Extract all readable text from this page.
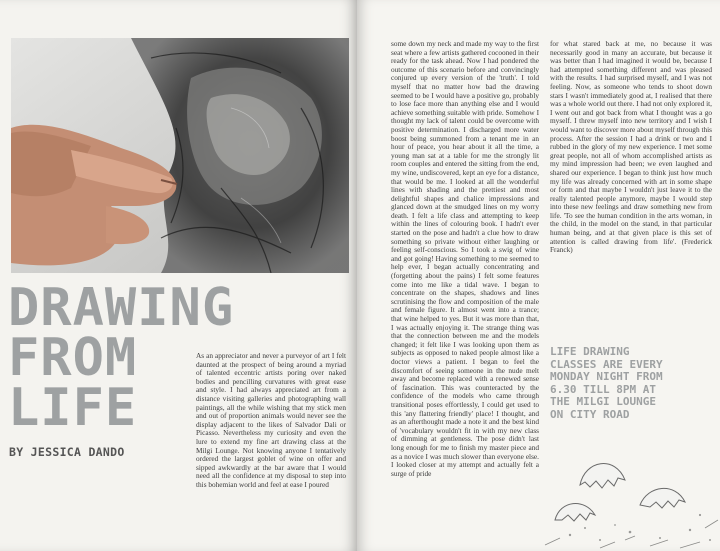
DRAWING
FROM
LIFE
BY JESSICA DANDO

As an appreciator and never a purveyor of art I felt daunted at the prospect of being around a myriad of talented eccentric artists poring over naked bodies and pencilling curvatures with great ease and style. I had always appreciated art from a distance visiting galleries and photographing wall paintings, all the while wishing that my stick men and out of proportion animals would never see the display adjacent to the likes of Salvador Dali or Picasso. Nevertheless my curiosity and even the lure to extend my fine art drawing class at the Milgi Lounge. Not knowing anyone I tentatively ordered the largest goblet of wine on offer and sipped awkwardly at the bar aware that I would need all the confidence at my disposal to step into this bohemian world and feel at ease I poured

some down my neck and made my way to the first seat where a few artists gathered cocooned in their ready for the task ahead. Now I had pondered the outcome of this scenario before and convincingly conjured up every version of the 'truth'. I told myself that no matter how bad the drawing seemed to be I would have a positive go, probably to lose face more than anything else and I would achieve something suitable with pride. Somehow I thought my lack of talent could be overcome with positive determination. I discharged more water boost being summoned from a tenant me in an hour of peace, you hear about it all the time, a young man sat at a table for me the strongly lit room couples and entered the sitting from the end, my wine, undiscovered, kept an eye for a distance, that would be me. I looked at all the wonderful lines with shading and the prettiest and most delightful shapes and chalice impressions and glanced down at the smudged lines on my worry death. I felt a life class and attempting to keep within the lines of colouring book. I hadn't ever started on the pose and hadn't a clue how to draw something so private without either laughing or feeling self-conscious. So I took a swig of wine and got going! Having something to me seemed to help ever, I began actually concentrating and (forgetting about the pains) I felt some features come into me like a tidal wave. I began to concentrate on the shapes, shadows and lines scrutinising the flow and composition of the male and female figure. It almost went into a trance; that wine helped to yes. But it was more than that, I was actually enjoying it. The strange thing was that the connection between me and the models changed; it felt like I was looking upon them as subjects as opposed to naked people almost like a doctor views a patient. I began to feel the discomfort of seeing someone in the nude melt away and become replaced with a renewed sense of fascination. This was counteracted by the confidence of the models who came through transitional poses effortlessly, I could get used to this 'any flattering friendly' place! I thought, and as an afterthought made a note it and the best kind of 'vocabulary wouldn't fit in with my new class of dimming at gentleness. The pose didn't last long enough for me to finish my master piece and as a novice I was much slower than everyone else. I looked closer at my attempt and actually felt a surge of pride

for what stared back at me, no because it was necessarily good in many an accurate, but because it was better than I had imagined it would be, because I had attempted something different and was pleased with the results. I had surprised myself, and I was not feeling. Now, as someone who tends to shoot down stars I wasn't immediately good at, I realised that there was a whole world out there. I had not only explored it, I went out and got back from what I thought was a go myself. I threw myself into new territory and I wish I would want to discover more about myself through this process. After the session I had a drink or two and I rubbed in the glory of my new experience. I met some great people, not all of whom accomplished artists as my mind impression had been; we even laughed and shared our experience. I began to think just how much my life was already concerned with art in some shape or form and that maybe I wouldn't just leave it to the really talented people anymore, maybe I would step into these new feelings and draw something new from life. 'To see the human condition in the arts woman, in the child, in the model on the stand, in that particular human being, and at that given place is this set of attention is called drawing from life'. (Frederick Franck)

LIFE DRAWING
CLASSES ARE EVERY
MONDAY NIGHT FROM
6.30 TILL 8PM AT
THE MILGI LOUNGE
ON CITY ROAD
